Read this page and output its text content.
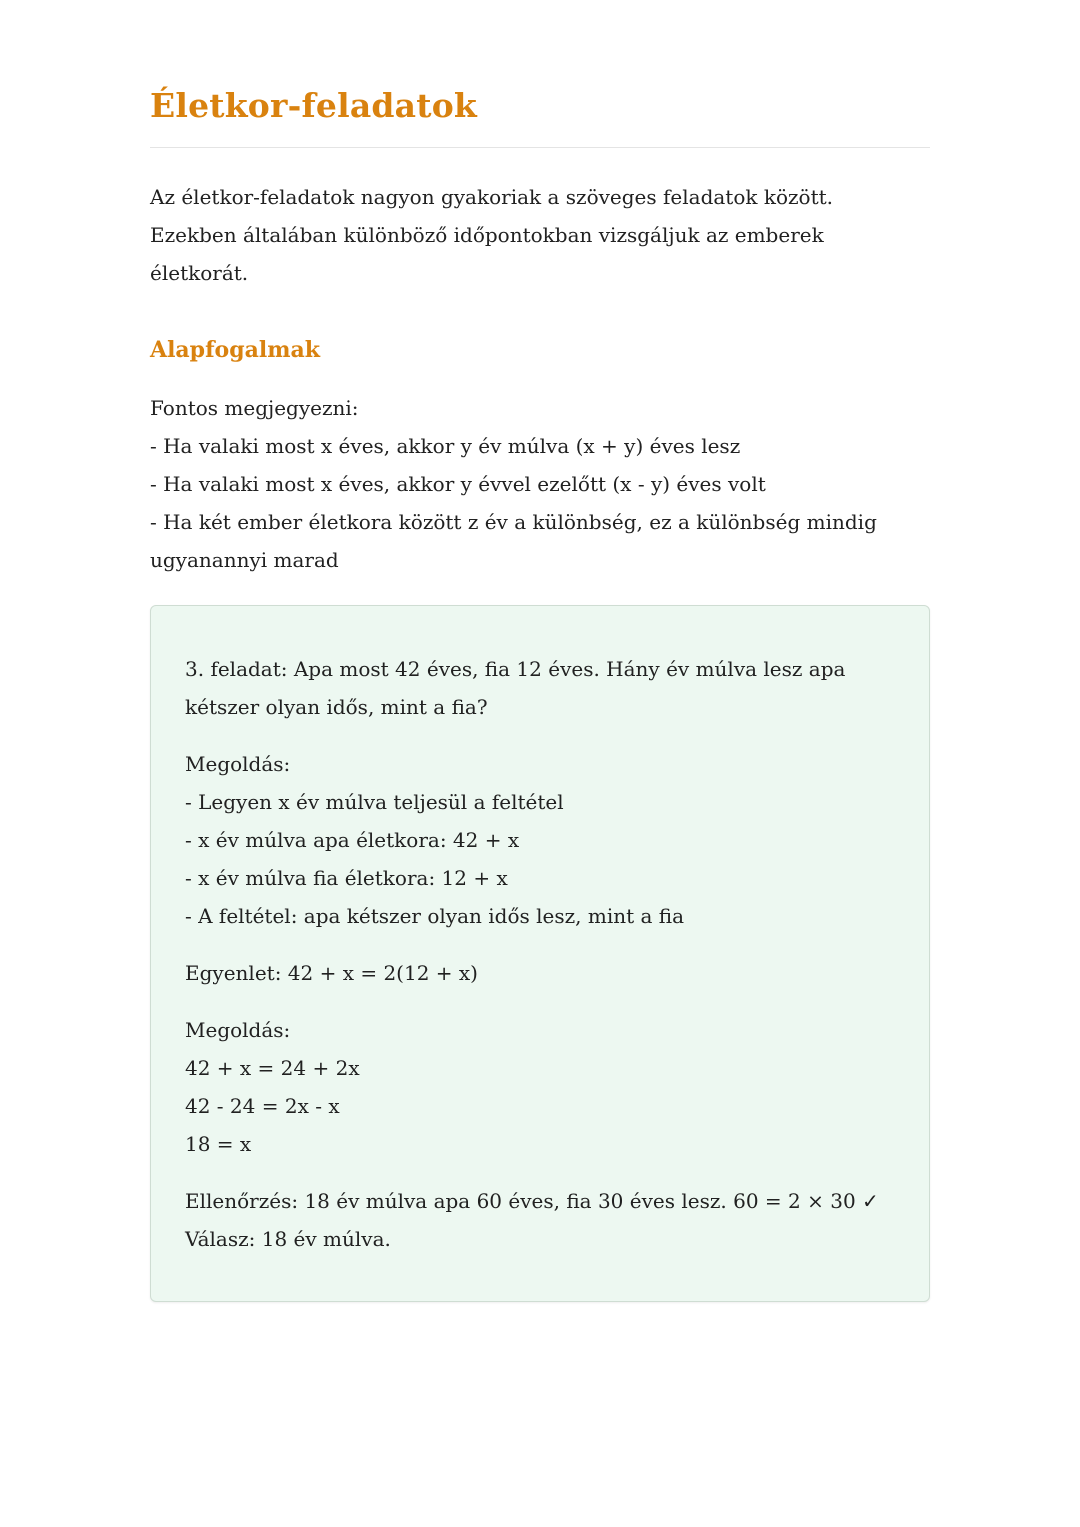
Életkor-feladatok
Az életkor-feladatok nagyon gyakoriak a szöveges feladatok között.
Ezekben általában különböző időpontokban vizsgáljuk az emberek
életkorát.
Alapfogalmak
Fontos megjegyezni:
- Ha valaki most x éves, akkor y év múlva (x + y) éves lesz
- Ha valaki most x éves, akkor y évvel ezelőtt (x - y) éves volt
- Ha két ember életkora között z év a különbség, ez a különbség mindig
ugyanannyi marad

3. feladat: Apa most 42 éves, fia 12 éves. Hány év múlva lesz apa
kétszer olyan idős, mint a fia?

Megoldás:
- Legyen x év múlva teljesül a feltétel
- x év múlva apa életkora: 42 + x
- x év múlva fia életkora: 12 + x
- A feltétel: apa kétszer olyan idős lesz, mint a fia

Egyenlet: 42 + x = 2(12 + x)

Megoldás:
42 + x = 24 + 2x
42 - 24 = 2x - x
18 = x

Ellenőrzés: 18 év múlva apa 60 éves, fia 30 éves lesz. 60 = 2 × 30 ✓
Válasz: 18 év múlva.
